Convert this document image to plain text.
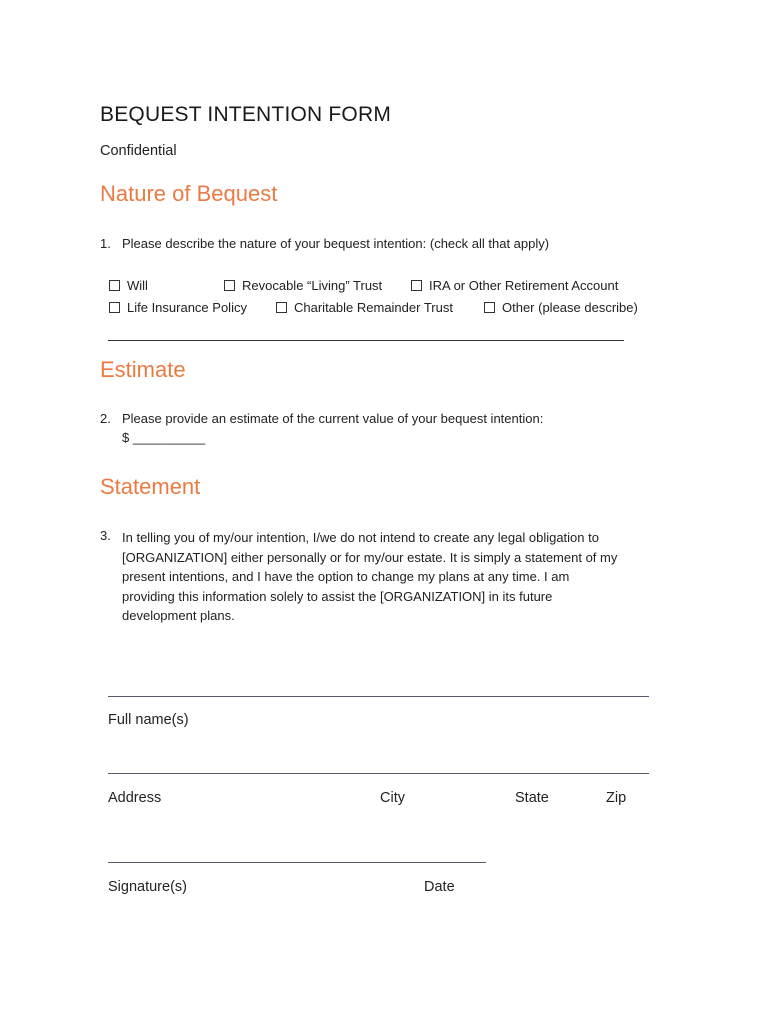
BEQUEST INTENTION FORM
Confidential
Nature of Bequest
1. Please describe the nature of your bequest intention: (check all that apply)
Will	Revocable “Living” Trust	IRA or Other Retirement Account
Life Insurance Policy	Charitable Remainder Trust	Other (please describe)
Estimate
2. Please provide an estimate of the current value of your bequest intention:
$ __________
Statement
3. In telling you of my/our intention, I/we do not intend to create any legal obligation to
[ORGANIZATION] either personally or for my/our estate. It is simply a statement of my
present intentions, and I have the option to change my plans at any time. I am
providing this information solely to assist the [ORGANIZATION] in its future
development plans.
Full name(s)
Address	City	State	Zip
Signature(s)	Date
